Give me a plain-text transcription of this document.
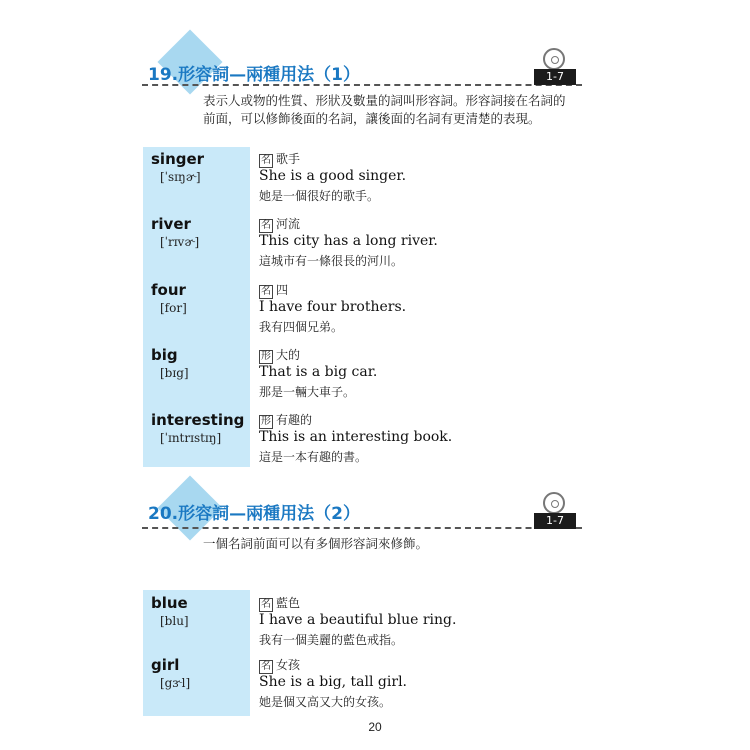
19.形容詞—兩種用法（1）	1-7
表示人或物的性質、形狀及數量的詞叫形容詞。形容詞接在名詞的
前面，可以修飾後面的名詞，讓後面的名詞有更清楚的表現。
singer
[ˈsɪŋɚ]
名 歌手
She is a good singer.
她是一個很好的歌手。
river
[ˈrɪvɚ]
名 河流
This city has a long river.
這城市有一條很長的河川。
four
[for]
名 四
I have four brothers.
我有四個兄弟。
big
[bɪg]
形 大的
That is a big car.
那是一輛大車子。
interesting
[ˈɪntrɪstɪŋ]
形 有趣的
This is an interesting book.
這是一本有趣的書。
20.形容詞—兩種用法（2）	1-7
一個名詞前面可以有多個形容詞來修飾。
blue
[blu]
名 藍色
I have a beautiful blue ring.
我有一個美麗的藍色戒指。
girl
[gɝl]
名 女孩
She is a big, tall girl.
她是個又高又大的女孩。
20
